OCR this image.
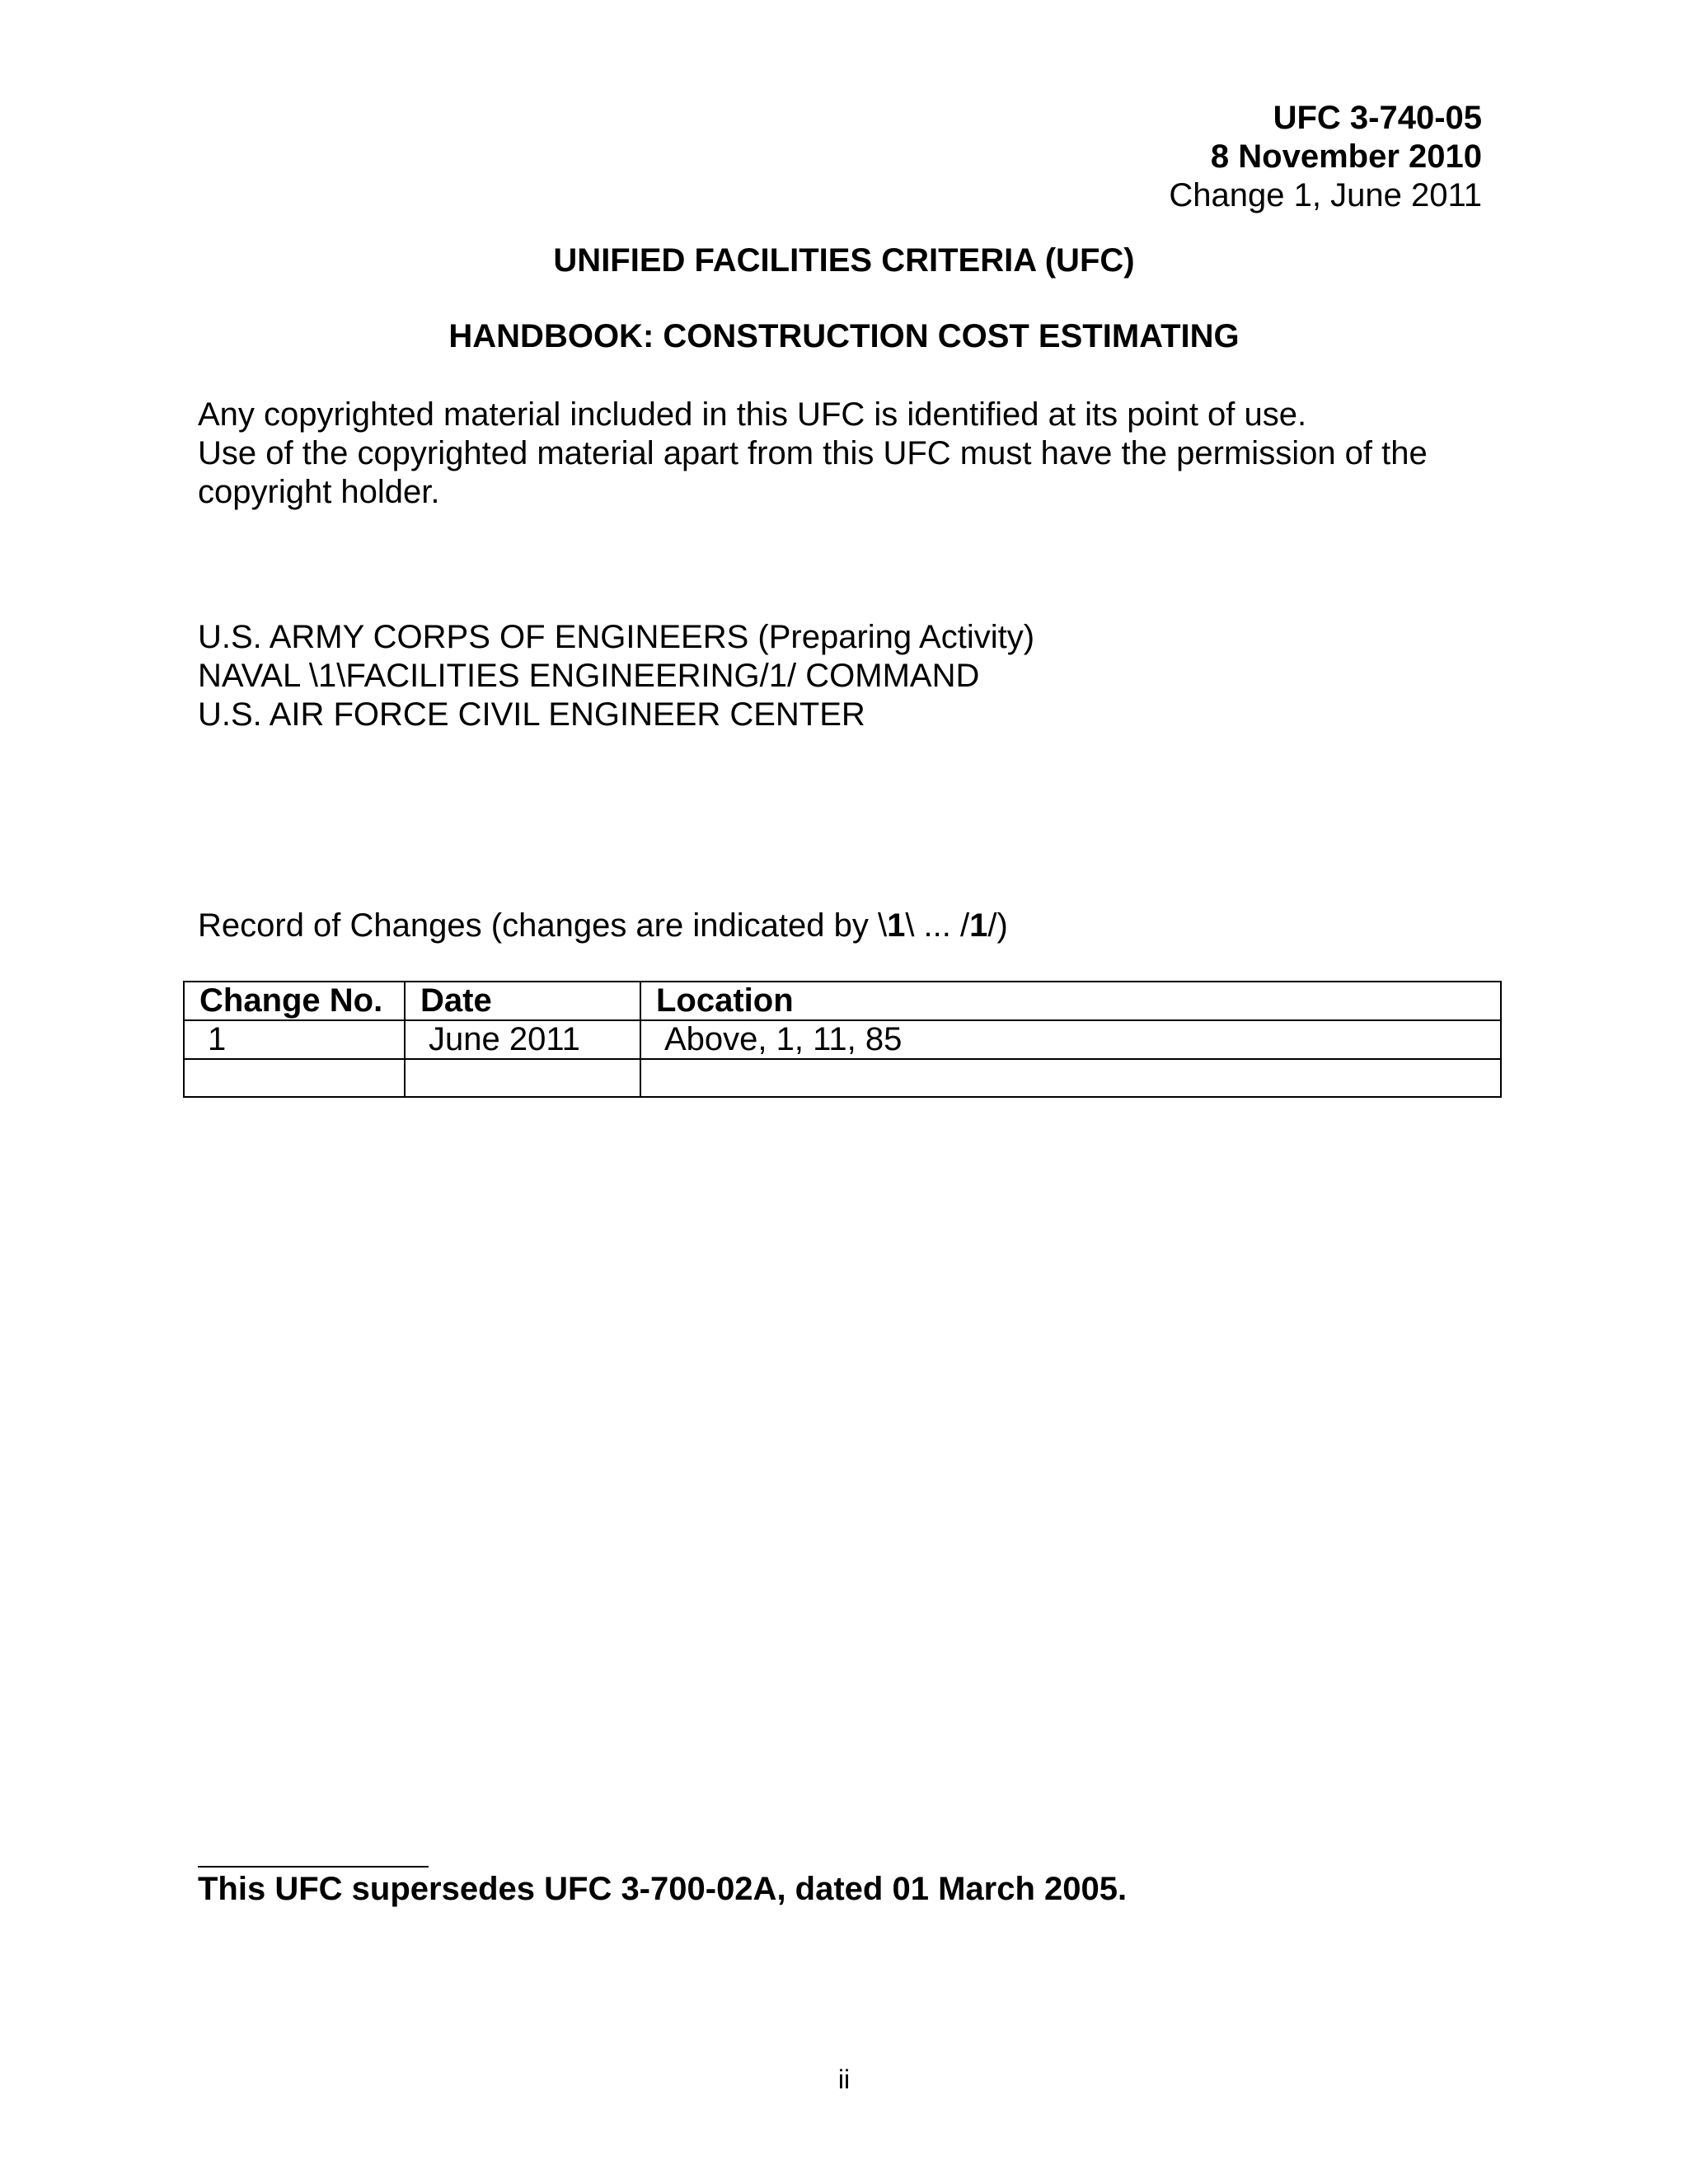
UFC 3-740-05
8 November 2010
Change 1, June 2011
UNIFIED FACILITIES CRITERIA (UFC)
HANDBOOK: CONSTRUCTION COST ESTIMATING
Any copyrighted material included in this UFC is identified at its point of use.
Use of the copyrighted material apart from this UFC must have the permission of the copyright holder.
U.S. ARMY CORPS OF ENGINEERS (Preparing Activity)
NAVAL \1\FACILITIES ENGINEERING/1/ COMMAND
U.S. AIR FORCE CIVIL ENGINEER CENTER
Record of Changes (changes are indicated by \1\ ... /1/)
Change No.	Date	Location
1	June 2011	Above, 1, 11, 85

This UFC supersedes UFC 3-700-02A, dated 01 March 2005.
ii
